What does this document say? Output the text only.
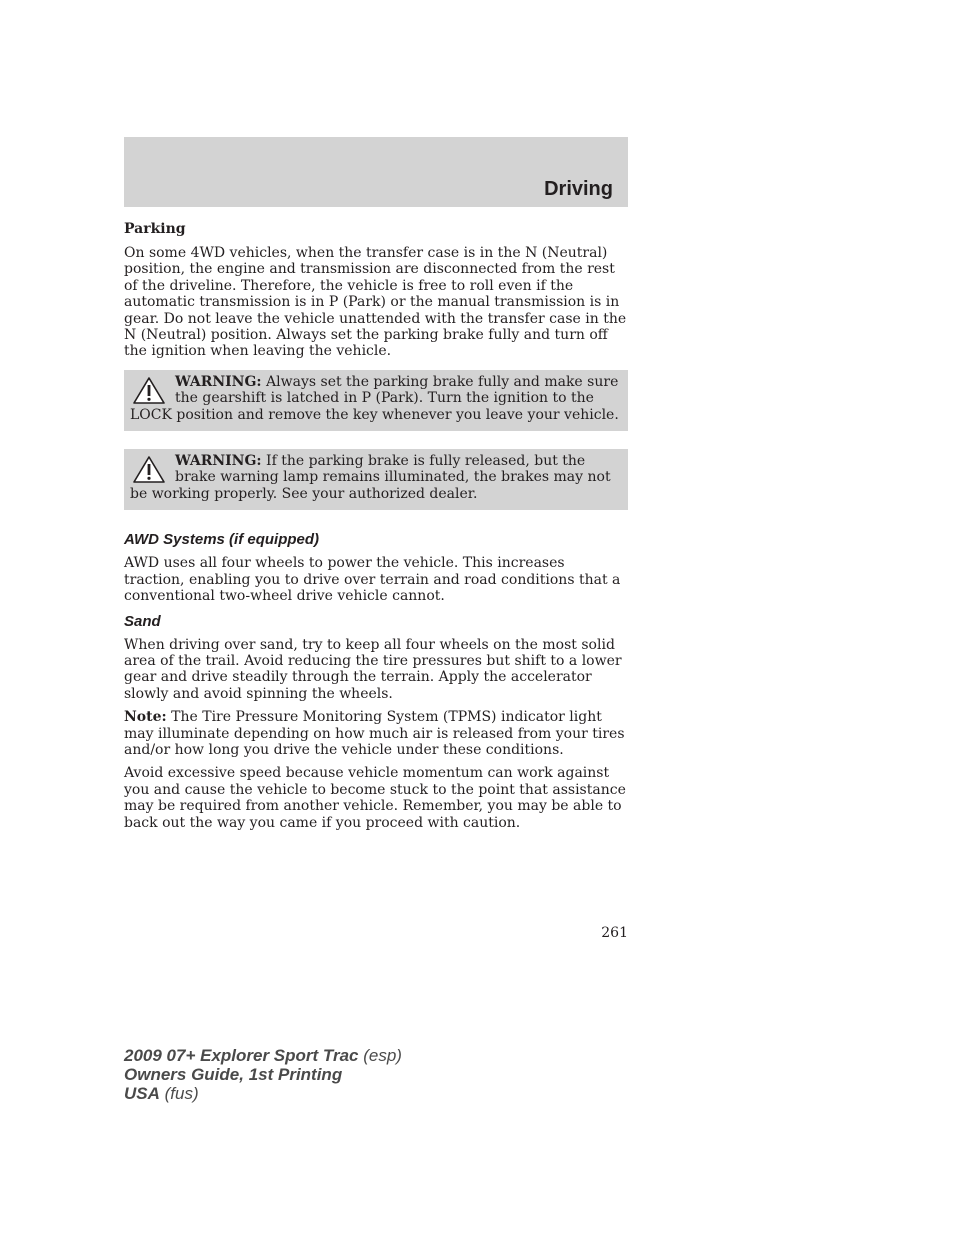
Driving

Parking

On some 4WD vehicles, when the transfer case is in the N (Neutral) position, the engine and transmission are disconnected from the rest of the driveline. Therefore, the vehicle is free to roll even if the automatic transmission is in P (Park) or the manual transmission is in gear. Do not leave the vehicle unattended with the transfer case in the N (Neutral) position. Always set the parking brake fully and turn off the ignition when leaving the vehicle.

WARNING: Always set the parking brake fully and make sure the gearshift is latched in P (Park). Turn the ignition to the LOCK position and remove the key whenever you leave your vehicle.
WARNING: If the parking brake is fully released, but the brake warning lamp remains illuminated, the brakes may not be working properly. See your authorized dealer.

AWD Systems (if equipped)

AWD uses all four wheels to power the vehicle. This increases traction, enabling you to drive over terrain and road conditions that a conventional two-wheel drive vehicle cannot.

Sand

When driving over sand, try to keep all four wheels on the most solid area of the trail. Avoid reducing the tire pressures but shift to a lower gear and drive steadily through the terrain. Apply the accelerator slowly and avoid spinning the wheels.

Note: The Tire Pressure Monitoring System (TPMS) indicator light may illuminate depending on how much air is released from your tires and/or how long you drive the vehicle under these conditions.

Avoid excessive speed because vehicle momentum can work against you and cause the vehicle to become stuck to the point that assistance may be required from another vehicle. Remember, you may be able to back out the way you came if you proceed with caution.

261
2009 07+ Explorer Sport Trac (esp)
Owners Guide, 1st Printing
USA (fus)
